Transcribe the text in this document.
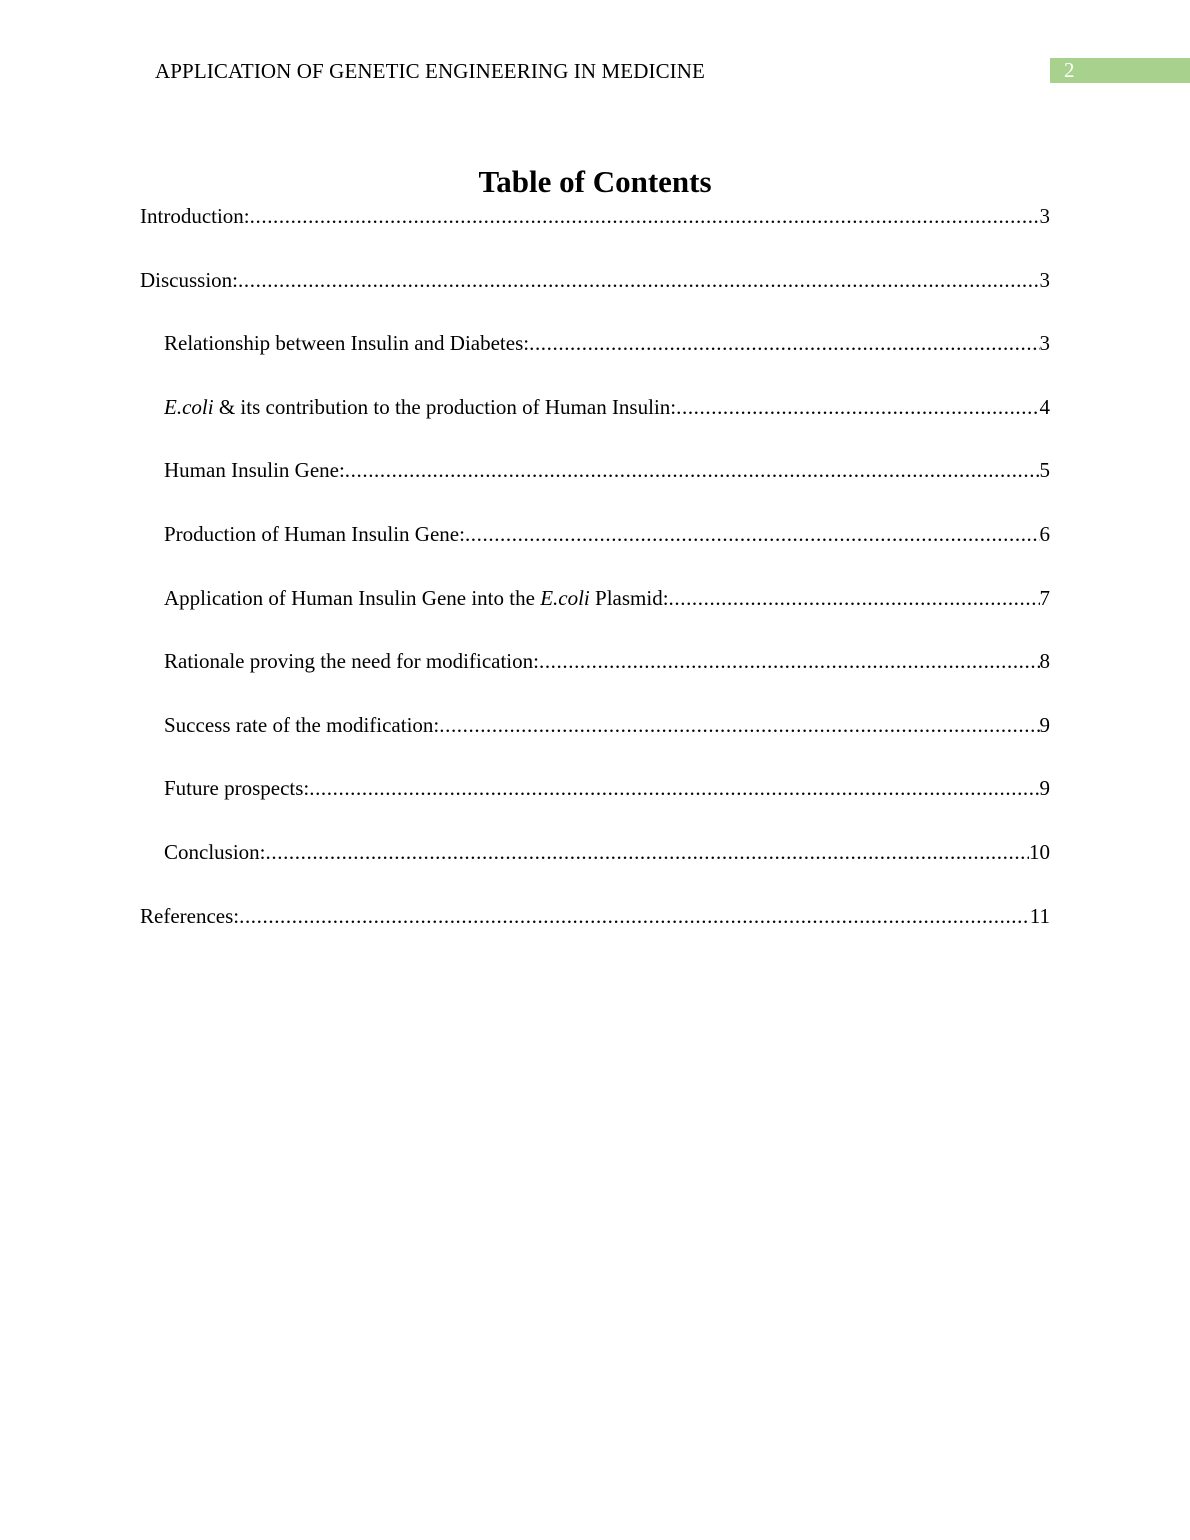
APPLICATION OF GENETIC ENGINEERING IN MEDICINE	2
Table of Contents
Introduction: .....	3
Discussion: .....	3
Relationship between Insulin and Diabetes: .....	3
E.coli & its contribution to the production of Human Insulin: .....	4
Human Insulin Gene: .....	5
Production of Human Insulin Gene: .....	6
Application of Human Insulin Gene into the E.coli Plasmid: .....	7
Rationale proving the need for modification: .....	8
Success rate of the modification: .....	9
Future prospects: .....	9
Conclusion: .....	10
References: .....	11
